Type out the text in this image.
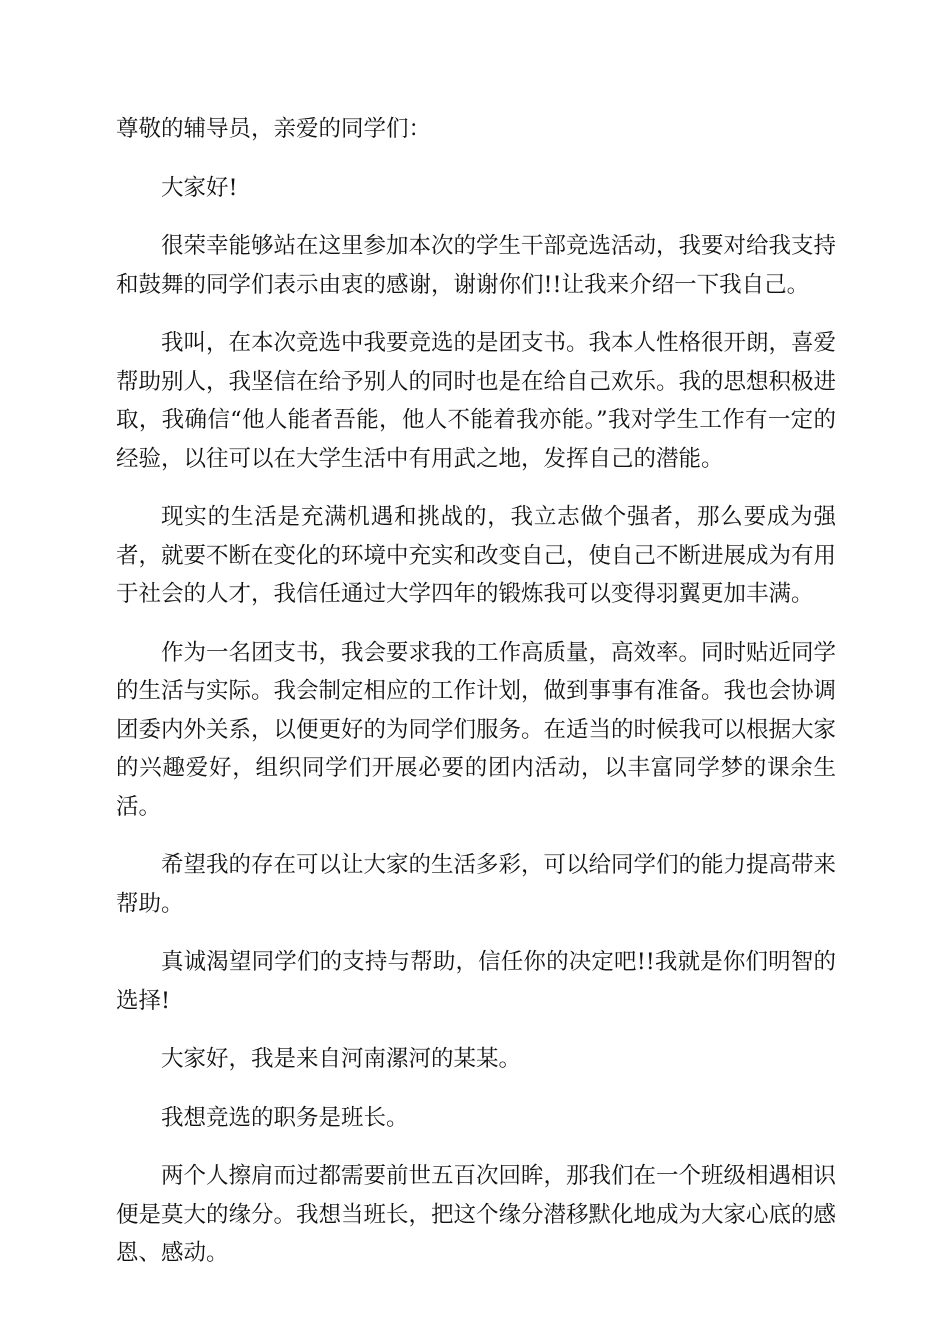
尊敬的辅导员，亲爱的同学们：

大家好!

很荣幸能够站在这里参加本次的学生干部竞选活动，我要对给我支持和鼓舞的同学们表示由衷的感谢，谢谢你们!!让我来介绍一下我自己。

我叫，在本次竞选中我要竞选的是团支书。我本人性格很开朗，喜爱帮助别人，我坚信在给予别人的同时也是在给自己欢乐。我的思想积极进取，我确信“他人能者吾能，他人不能着我亦能。”我对学生工作有一定的经验，以往可以在大学生活中有用武之地，发挥自己的潜能。

现实的生活是充满机遇和挑战的，我立志做个强者，那么要成为强者，就要不断在变化的环境中充实和改变自己，使自己不断进展成为有用于社会的人才，我信任通过大学四年的锻炼我可以变得羽翼更加丰满。

作为一名团支书，我会要求我的工作高质量，高效率。同时贴近同学的生活与实际。我会制定相应的工作计划，做到事事有准备。我也会协调团委内外关系，以便更好的为同学们服务。在适当的时候我可以根据大家的兴趣爱好，组织同学们开展必要的团内活动，以丰富同学梦的课余生活。

希望我的存在可以让大家的生活多彩，可以给同学们的能力提高带来帮助。

真诚渴望同学们的支持与帮助，信任你的决定吧!!我就是你们明智的选择!

大家好，我是来自河南漯河的某某。

我想竞选的职务是班长。

两个人擦肩而过都需要前世五百次回眸，那我们在一个班级相遇相识便是莫大的缘分。我想当班长，把这个缘分潜移默化地成为大家心底的感恩、感动。
